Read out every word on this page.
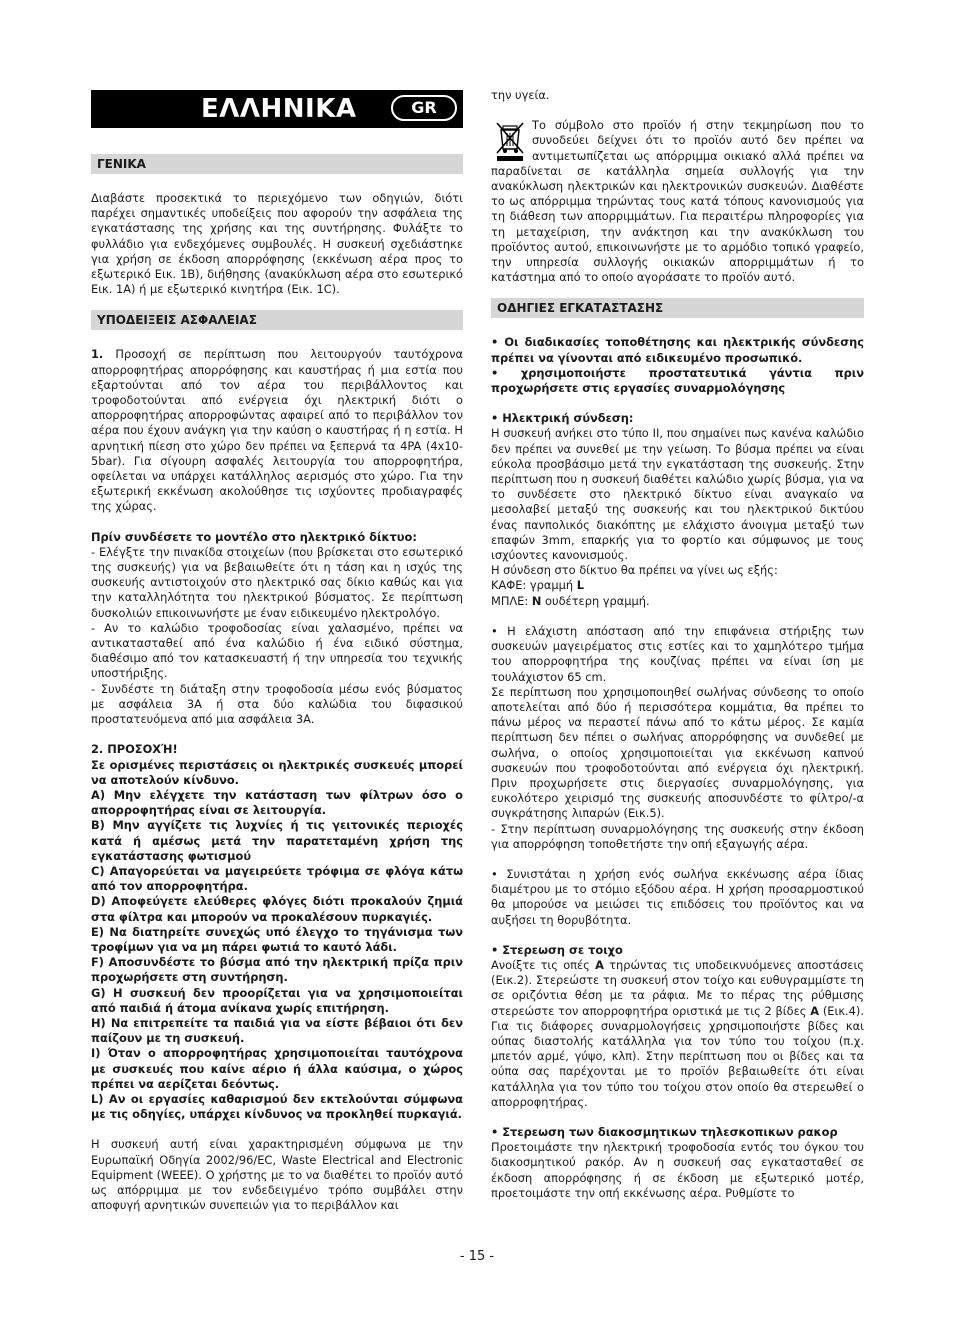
ΕΛΛΗΝΙΚΑ	GR
ΓΕΝΙΚΑ

Διαβάστε προσεκτικά το περιεχόμενο των οδηγιών, διότι παρέχει σημαντικές υποδείξεις που αφορούν την ασφάλεια της εγκατάστασης της χρήσης και της συντήρησης. Φυλάξτε το φυλλάδιο για ενδεχόμενες συμβουλές. Η συσκευή σχεδιάστηκε για χρήση σε έκδοση απορρόφησης (εκκένωση αέρα προς το εξωτερικό Εικ. 1B), διήθησης (ανακύκλωση αέρα στο εσωτερικό Εικ. 1A) ή με εξωτερικό κινητήρα (Εικ. 1C).

ΥΠΟΔΕΙΞΕΙΣ ΑΣΦΑΛΕΙΑΣ

1. Προσοχή σε περίπτωση που λειτουργούν ταυτόχρονα απορροφητήρας απορρόφησης και καυστήρας ή μια εστία που εξαρτούνται από τον αέρα του περιβάλλοντος και τροφοδοτούνται από ενέργεια όχι ηλεκτρική διότι ο απορροφητήρας απορροφώντας αφαιρεί από το περιβάλλον τον αέρα που έχουν ανάγκη για την καύση ο καυστήρας ή η εστία. Η αρνητική πίεση στο χώρο δεν πρέπει να ξεπερνά τα 4PA (4x10-5bar). Για σίγουρη ασφαλές λειτουργία του απορροφητήρα, οφείλεται να υπάρχει κατάλληλος αερισμός στο χώρο. Για την εξωτερική εκκένωση ακολούθησε τις ισχύοντες προδιαγραφές της χώρας.

Πρίν συνδέσετε το μοντέλο στο ηλεκτρικό δίκτυο:

- Ελέγξτε την πινακίδα στοιχείων (που βρίσκεται στο εσωτερικό της συσκευής) για να βεβαιωθείτε ότι η τάση και η ισχύς της συσκευής αντιστοιχούν στο ηλεκτρικό σας δίκιο καθώς και για την καταλληλότητα του ηλεκτρικού βύσματος. Σε περίπτωση δυσκολιών επικοινωνήστε με έναν ειδικευμένο ηλεκτρολόγο.

- Αν το καλώδιο τροφοδοσίας είναι χαλασμένο, πρέπει να αντικατασταθεί από ένα καλώδιο ή ένα ειδικό σύστημα, διαθέσιμο από τον κατασκευαστή ή την υπηρεσία του τεχνικής υποστήριξης.

- Συνδέστε τη διάταξη στην τροφοδοσία μέσω ενός βύσματος με ασφάλεια 3A ή στα δύο καλώδια του διφασικού προστατευόμενα από μια ασφάλεια 3A.

2. ΠΡΟΣΟΧΉ!

Σε ορισμένες περιστάσεις οι ηλεκτρικές συσκευές μπορεί να αποτελούν κίνδυνο.

A) Μην ελέγχετε την κατάσταση των φίλτρων όσο ο απορροφητήρας είναι σε λειτουργία.

B) Μην αγγίζετε τις λυχνίες ή τις γειτονικές περιοχές κατά ή αμέσως μετά την παρατεταμένη χρήση της εγκατάστασης φωτισμού

C) Απαγορεύεται να μαγειρεύετε τρόφιμα σε φλόγα κάτω από τον απορροφητήρα.

D) Αποφεύγετε ελεύθερες φλόγες διότι προκαλούν ζημιά στα φίλτρα και μπορούν να προκαλέσουν πυρκαγιές.

E) Να διατηρείτε συνεχώς υπό έλεγχο το τηγάνισμα των τροφίμων για να μη πάρει φωτιά το καυτό λάδι.

F) Αποσυνδέστε το βύσμα από την ηλεκτρική πρίζα πριν προχωρήσετε στη συντήρηση.

G) Η συσκευή δεν προορίζεται για να χρησιμοποιείται από παιδιά ή άτομα ανίκανα χωρίς επιτήρηση.

H) Να επιτρεπείτε τα παιδιά για να είστε βέβαιοι ότι δεν παίζουν με τη συσκευή.

I) Όταν ο απορροφητήρας χρησιμοποιείται ταυτόχρονα με συσκευές που καίνε αέριο ή άλλα καύσιμα, ο χώρος πρέπει να αερίζεται δεόντως.

L) Αν οι εργασίες καθαρισμού δεν εκτελούνται σύμφωνα με τις οδηγίες, υπάρχει κίνδυνος να προκληθεί πυρκαγιά.

Η συσκευή αυτή είναι χαρακτηρισμένη σύμφωνα με την Ευρωπαϊκή Οδηγία 2002/96/EC, Waste Electrical and Electronic Equipment (WEEE). Ο χρήστης με το να διαθέτει το προϊόν αυτό ως απόρριμμα με τον ενδεδειγμένο τρόπο συμβάλει στην αποφυγή αρνητικών συνεπειών για το περιβάλλον και

την υγεία.

Το σύμβολο στο προϊόν ή στην τεκμηρίωση που το συνοδεύει δείχνει ότι το προϊόν αυτό δεν πρέπει να αντιμετωπίζεται ως απόρριμμα οικιακό αλλά πρέπει να παραδίνεται σε κατάλληλα σημεία συλλογής για την ανακύκλωση ηλεκτρικών και ηλεκτρονικών συσκευών. Διαθέστε το ως απόρριμμα τηρώντας τους κατά τόπους κανονισμούς για τη διάθεση των απορριμμάτων. Για περαιτέρω πληροφορίες για τη μεταχείριση, την ανάκτηση και την ανακύκλωση του προϊόντος αυτού, επικοινωνήστε με το αρμόδιο τοπικό γραφείο, την υπηρεσία συλλογής οικιακών απορριμμάτων ή το κατάστημα από το οποίο αγοράσατε το προϊόν αυτό.

ΟΔΗΓΙΕΣ ΕΓΚΑΤΑΣΤΑΣΗΣ

• Οι διαδικασίες τοποθέτησης και ηλεκτρικής σύνδεσης πρέπει να γίνονται από ειδικευμένο προσωπικό.

• χρησιμοποιήστε προστατευτικά γάντια πριν προχωρήσετε στις εργασίες συναρμολόγησης

• Ηλεκτρική σύνδεση:

Η συσκευή ανήκει στο τύπο II, που σημαίνει πως κανένα καλώδιο δεν πρέπει να συνεθεί με την γείωση. Το βύσμα πρέπει να είναι εύκολα προσβάσιμο μετά την εγκατάσταση της συσκευής. Στην περίπτωση που η συσκευή διαθέτει καλώδιο χωρίς βύσμα, για να το συνδέσετε στο ηλεκτρικό δίκτυο είναι αναγκαίο να μεσολαβεί μεταξύ της συσκευής και του ηλεκτρικού δικτύου ένας πανπολικός διακόπτης με ελάχιστο άνοιγμα μεταξύ των επαφών 3mm, επαρκής για το φορτίο και σύμφωνος με τους ισχύοντες κανονισμούς.

Η σύνδεση στο δίκτυο θα πρέπει να γίνει ως εξής:

ΚΑΦΕ: γραμμή L

ΜΠΛΕ: N ουδέτερη γραμμή.

• Η ελάχιστη απόσταση από την επιφάνεια στήριξης των συσκευών μαγειρέματος στις εστίες και το χαμηλότερο τμήμα του απορροφητήρα της κουζίνας πρέπει να είναι ίση με τουλάχιστον 65 cm.

Σε περίπτωση που χρησιμοποιηθεί σωλήνας σύνδεσης το οποίο αποτελείται από δύο ή περισσότερα κομμάτια, θα πρέπει το πάνω μέρος να περαστεί πάνω από το κάτω μέρος. Σε καμία περίπτωση δεν πέπει ο σωλήνας απορρόφησης να συνδεθεί με σωλήνα, ο οποίος χρησιμοποιείται για εκκένωση καπνού συσκευών που τροφοδοτούνται από ενέργεια όχι ηλεκτρική. Πριν προχωρήσετε στις διεργασίες συναρμολόγησης, για ευκολότερο χειρισμό της συσκευής αποσυνδέστε το φίλτρο/-α συγκράτησης λιπαρών (Εικ.5).

- Στην περίπτωση συναρμολόγησης της συσκευής στην έκδοση για απορρόφηση τοποθετήστε την οπή εξαγωγής αέρα.

• Συνιστάται η χρήση ενός σωλήνα εκκένωσης αέρα ίδιας διαμέτρου με το στόμιο εξόδου αέρα. Η χρήση προσαρμοστικού θα μπορούσε να μειώσει τις επιδόσεις του προϊόντος και να αυξήσει τη θορυβότητα.

• Στερεωση σε τοιχο

Ανοίξτε τις οπές A τηρώντας τις υποδεικνυόμενες αποστάσεις (Εικ.2). Στερεώστε τη συσκευή στον τοίχο και ευθυγραμμίστε τη σε οριζόντια θέση με τα ράφια. Με το πέρας της ρύθμισης στερεώστε τον απορροφητήρα οριστικά με τις 2 βίδες A (Εικ.4). Για τις διάφορες συναρμολογήσεις χρησιμοποιήστε βίδες και ούπας διαστολής κατάλληλα για τον τύπο του τοίχου (π.χ. μπετόν αρμέ, γύψο, κλπ). Στην περίπτωση που οι βίδες και τα ούπα σας παρέχονται με το προϊόν βεβαιωθείτε ότι είναι κατάλληλα για τον τύπο του τοίχου στον οποίο θα στερεωθεί ο απορροφητήρας.

• Στερεωση των διακοσμητικων τηλεσκοπικων ρακορ

Προετοιμάστε την ηλεκτρική τροφοδοσία εντός του όγκου του διακοσμητικού ρακόρ. Αν η συσκευή σας εγκατασταθεί σε έκδοση απορρόφησης ή σε έκδοση με εξωτερικό μοτέρ, προετοιμάστε την οπή εκκένωσης αέρα. Ρυθμίστε το

- 15 -
